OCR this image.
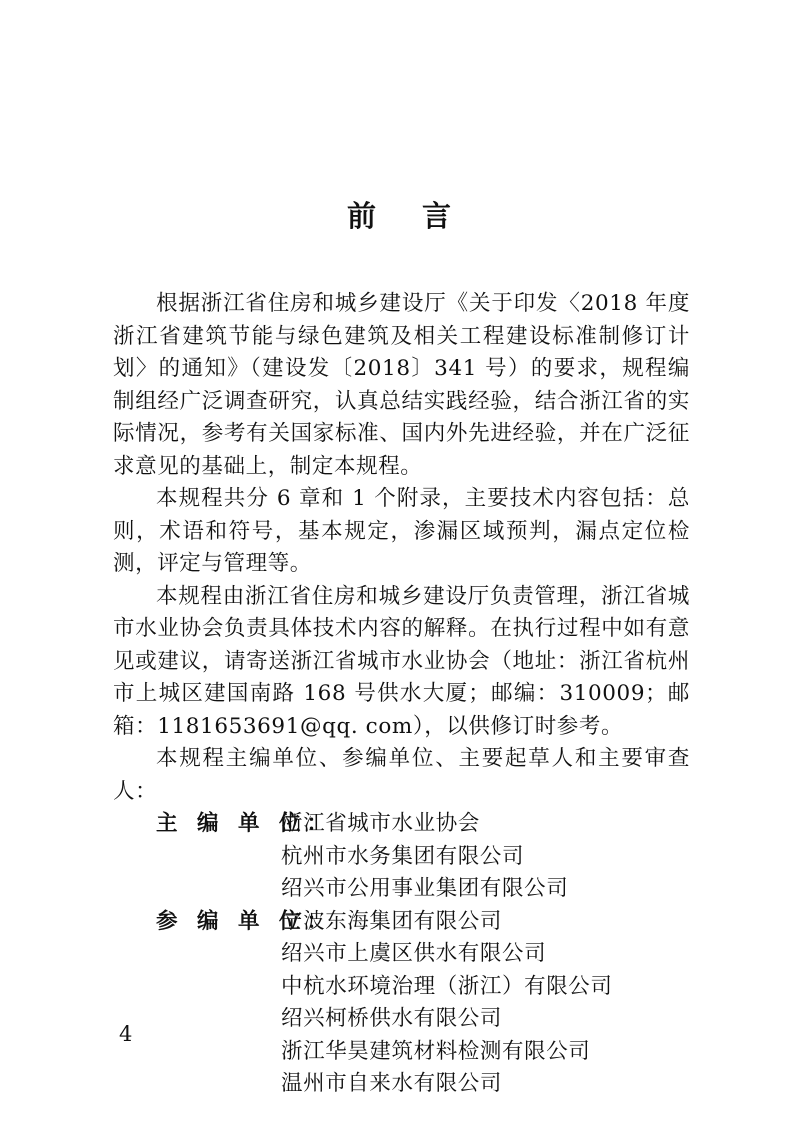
前 言

根据浙江省住房和城乡建设厅《关于印发〈2018 年度浙江省建筑节能与绿色建筑及相关工程建设标准制修订计划〉的通知》（建设发〔2018〕341 号）的要求，规程编制组经广泛调查研究，认真总结实践经验，结合浙江省的实际情况，参考有关国家标准、国内外先进经验，并在广泛征求意见的基础上，制定本规程。

本规程共分 6 章和 1 个附录，主要技术内容包括：总则，术语和符号，基本规定，渗漏区域预判，漏点定位检测，评定与管理等。

本规程由浙江省住房和城乡建设厅负责管理，浙江省城市水业协会负责具体技术内容的解释。在执行过程中如有意见或建议，请寄送浙江省城市水业协会（地址：浙江省杭州市上城区建国南路 168 号供水大厦；邮编：310009；邮箱：1181653691@qq. com），以供修订时参考。

本规程主编单位、参编单位、主要起草人和主要审查人：

主 编 单 位：
浙江省城市水业协会
杭州市水务集团有限公司
绍兴市公用事业集团有限公司
参 编 单 位：
宁波东海集团有限公司
绍兴市上虞区供水有限公司
中杭水环境治理（浙江）有限公司
绍兴柯桥供水有限公司
浙江华昊建筑材料检测有限公司
温州市自来水有限公司
4
